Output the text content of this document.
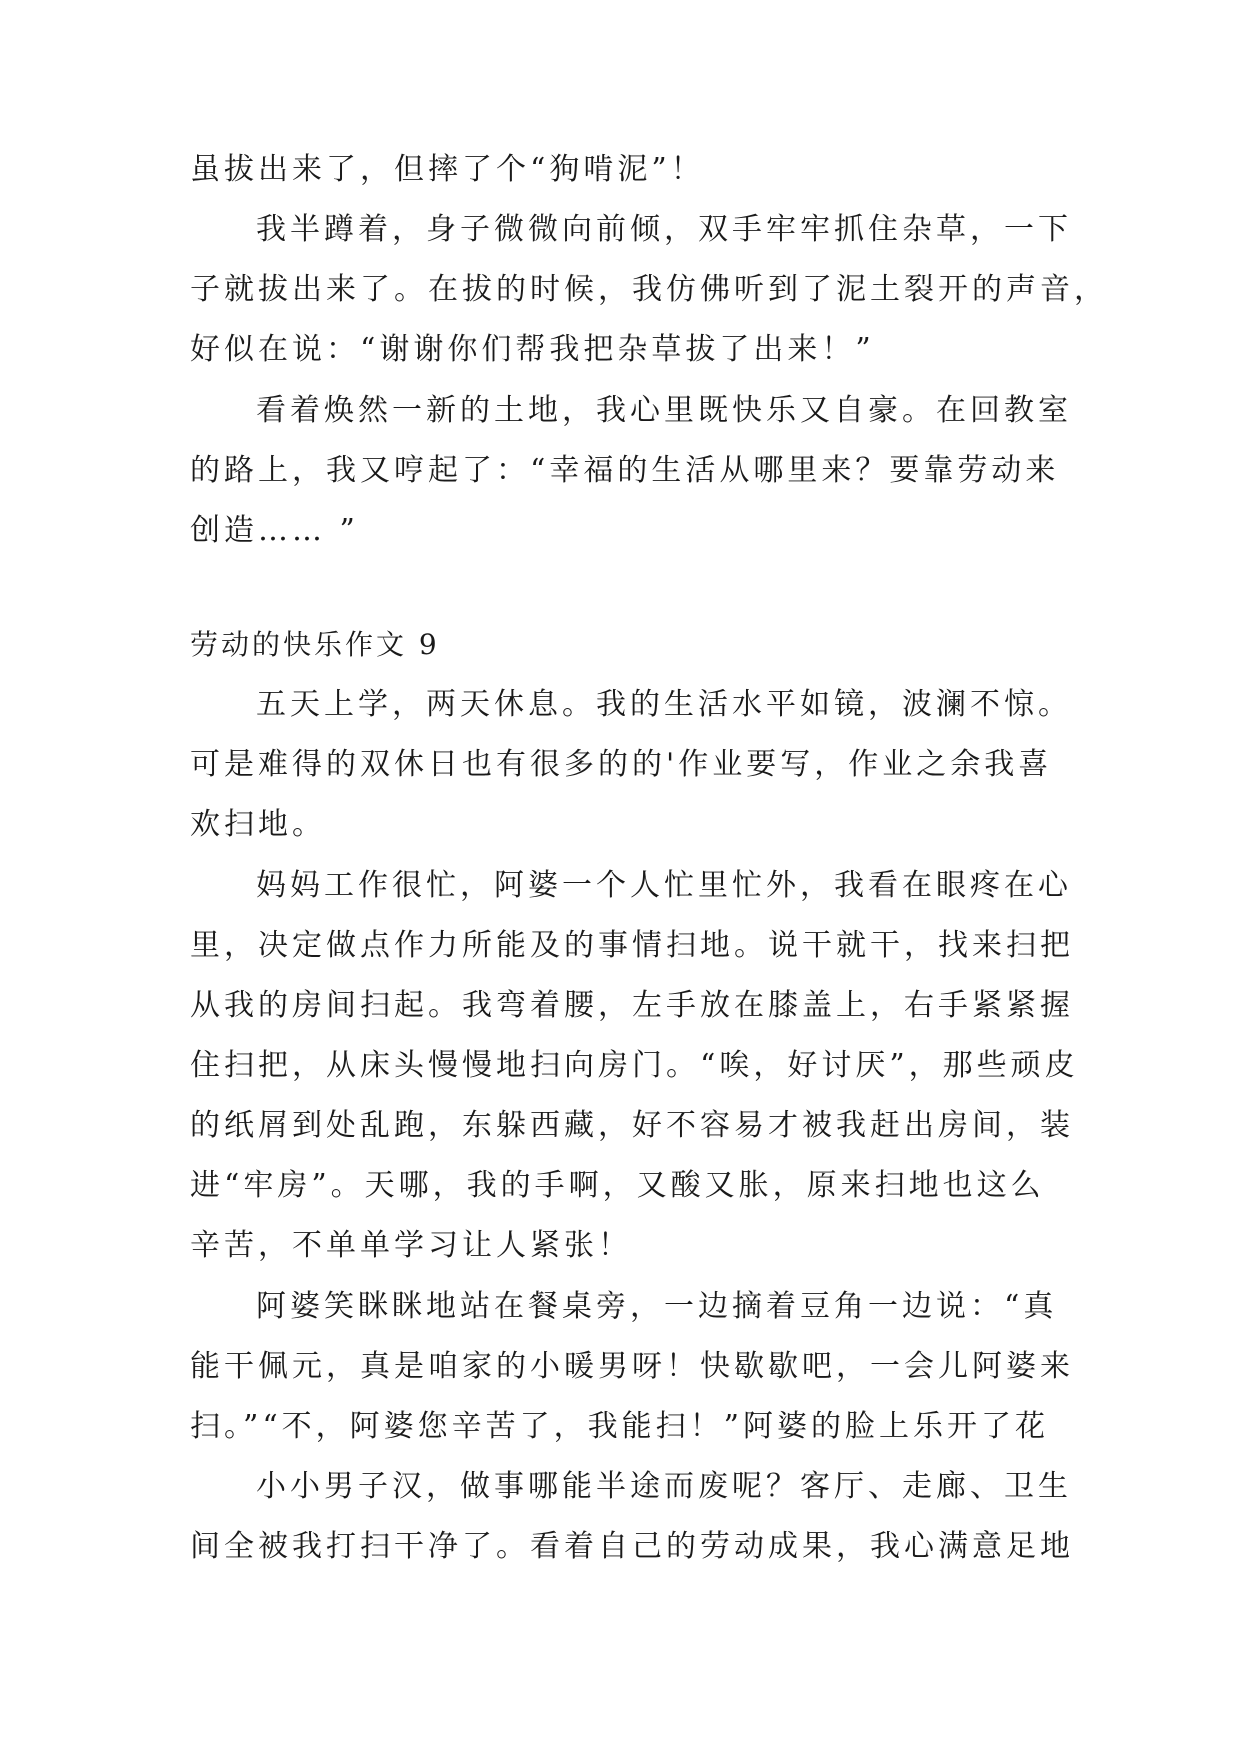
虽拔出来了，但摔了个“狗啃泥”！
我半蹲着，身子微微向前倾，双手牢牢抓住杂草，一下
子就拔出来了。在拔的时候，我仿佛听到了泥土裂开的声音，
好似在说：“谢谢你们帮我把杂草拔了出来！”
看着焕然一新的土地，我心里既快乐又自豪。在回教室
的路上，我又哼起了：“幸福的生活从哪里来？要靠劳动来
创造…… ”
劳动的快乐作文 9
五天上学，两天休息。我的生活水平如镜，波澜不惊。
可是难得的双休日也有很多的的'作业要写，作业之余我喜
欢扫地。
妈妈工作很忙，阿婆一个人忙里忙外，我看在眼疼在心
里，决定做点作力所能及的事情扫地。说干就干，找来扫把
从我的房间扫起。我弯着腰，左手放在膝盖上，右手紧紧握
住扫把，从床头慢慢地扫向房门。“唉，好讨厌”，那些顽皮
的纸屑到处乱跑，东躲西藏，好不容易才被我赶出房间，装
进“牢房”。天哪，我的手啊，又酸又胀，原来扫地也这么
辛苦，不单单学习让人紧张！
阿婆笑眯眯地站在餐桌旁，一边摘着豆角一边说：“真
能干佩元，真是咱家的小暖男呀！快歇歇吧，一会儿阿婆来
扫。”“不，阿婆您辛苦了，我能扫！”阿婆的脸上乐开了花
小小男子汉，做事哪能半途而废呢？客厅、走廊、卫生
间全被我打扫干净了。看着自己的劳动成果，我心满意足地
